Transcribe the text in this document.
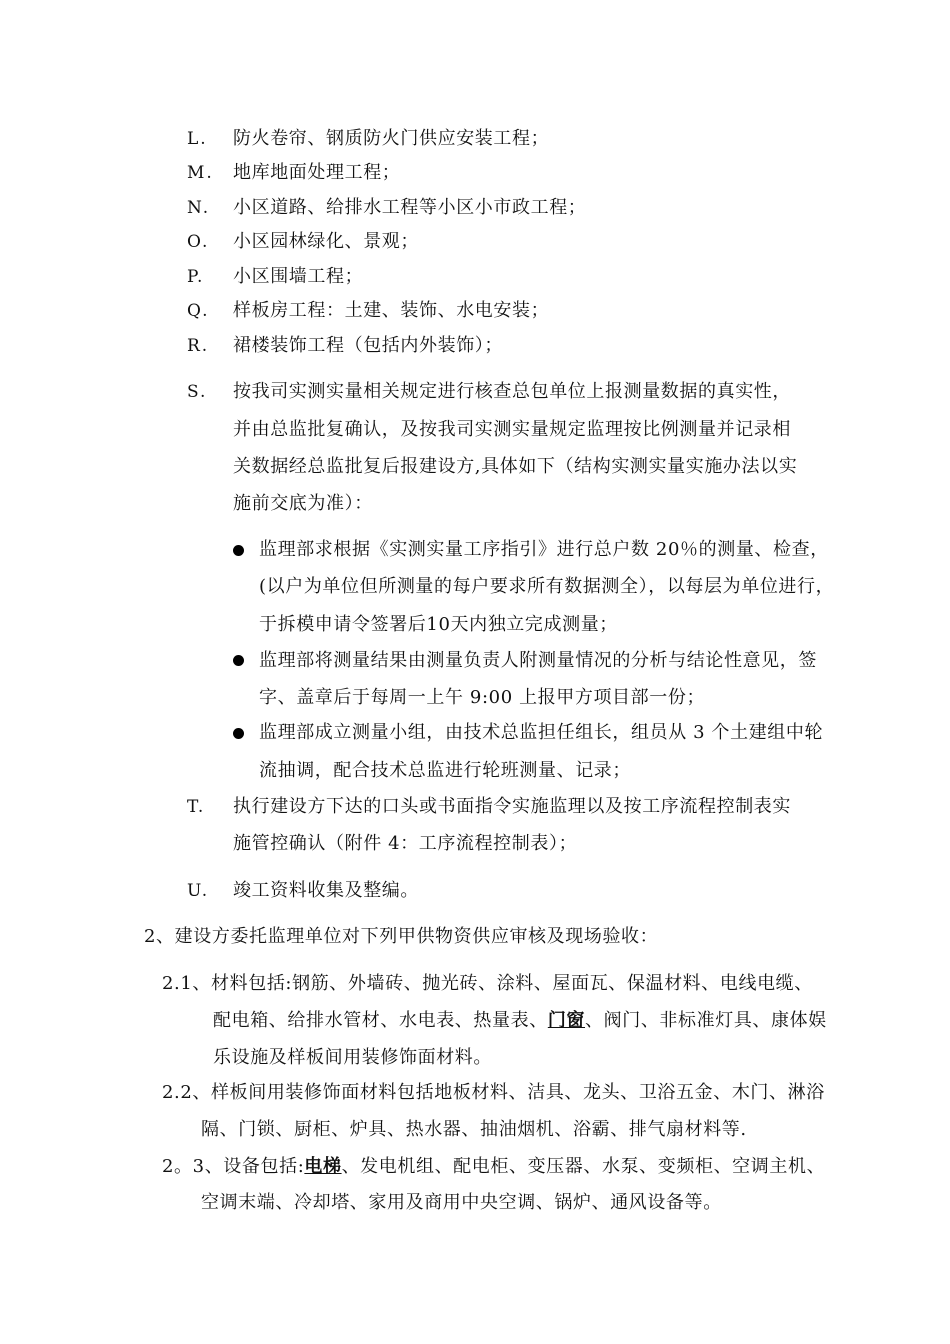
L. 防火卷帘、钢质防火门供应安装工程；
M. 地库地面处理工程；
N. 小区道路、给排水工程等小区小市政工程；
O. 小区园林绿化、景观；
P. 小区围墙工程；
Q. 样板房工程：土建、装饰、水电安装；
R. 裙楼装饰工程（包括内外装饰）；
S. 按我司实测实量相关规定进行核查总包单位上报测量数据的真实性，
并由总监批复确认，及按我司实测实量规定监理按比例测量并记录相
关数据经总监批复后报建设方,具体如下（结构实测实量实施办法以实
施前交底为准）：
监理部求根据《实测实量工序指引》进行总户数 20％的测量、检查，
(以户为单位但所测量的每户要求所有数据测全），以每层为单位进行，
于拆模申请令签署后10天内独立完成测量；
监理部将测量结果由测量负责人附测量情况的分析与结论性意见，签
字、盖章后于每周一上午 9:00 上报甲方项目部一份；
监理部成立测量小组，由技术总监担任组长，组员从 3 个土建组中轮
流抽调，配合技术总监进行轮班测量、记录；
T. 执行建设方下达的口头或书面指令实施监理以及按工序流程控制表实
施管控确认（附件 4：工序流程控制表）；
U. 竣工资料收集及整编。
2、建设方委托监理单位对下列甲供物资供应审核及现场验收：
2.1、材料包括:钢筋、外墙砖、抛光砖、涂料、屋面瓦、保温材料、电线电缆、
配电箱、给排水管材、水电表、热量表、门窗、阀门、非标准灯具、康体娱
乐设施及样板间用装修饰面材料。
2.2、样板间用装修饰面材料包括地板材料、洁具、龙头、卫浴五金、木门、淋浴
隔、门锁、厨柜、炉具、热水器、抽油烟机、浴霸、排气扇材料等.
2。3、设备包括:电梯、发电机组、配电柜、变压器、水泵、变频柜、空调主机、
空调末端、冷却塔、家用及商用中央空调、锅炉、通风设备等。
